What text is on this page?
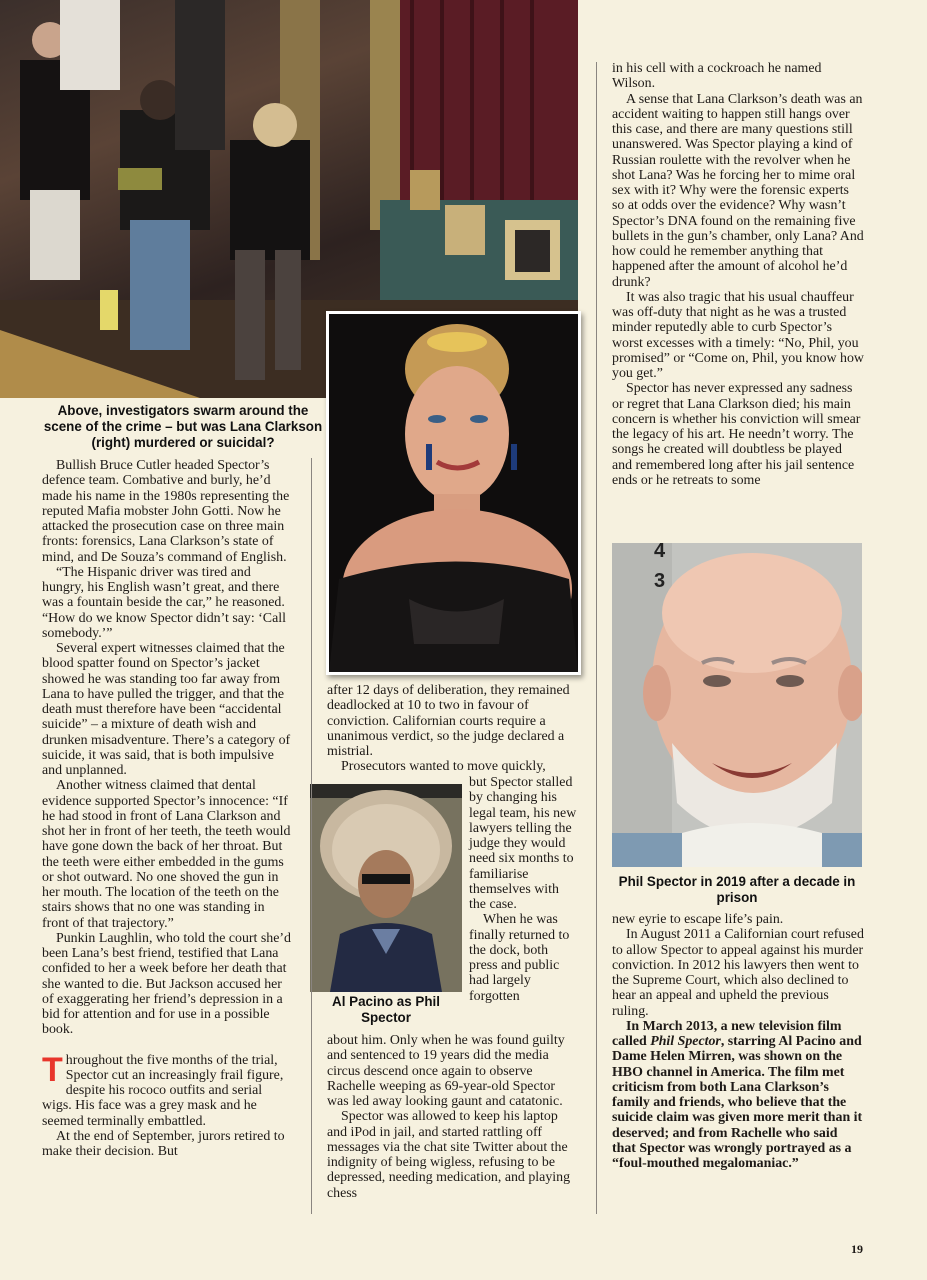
Above, investigators swarm around the scene of the crime – but was Lana Clarkson (right) murdered or suicidal?
Al Pacino as Phil Spector
4
3
Phil Spector in 2019 after a decade in prison

Bullish Bruce Cutler headed Spector’s defence team. Combative and burly, he’d made his name in the 1980s representing the reputed Mafia mobster John Gotti. Now he attacked the prosecution case on three main fronts: forensics, Lana Clarkson’s state of mind, and De Souza’s command of English.

“The Hispanic driver was tired and hungry, his English wasn’t great, and there was a fountain beside the car,” he reasoned. “How do we know Spector didn’t say: ‘Call somebody.’”

Several expert witnesses claimed that the blood spatter found on Spector’s jacket showed he was standing too far away from Lana to have pulled the trigger, and that the death must therefore have been “accidental suicide” – a mixture of death wish and drunken misadventure. There’s a category of suicide, it was said, that is both impulsive and unplanned.

Another witness claimed that dental evidence supported Spector’s innocence: “If he had stood in front of Lana Clarkson and shot her in front of her teeth, the teeth would have gone down the back of her throat. But the teeth were either embedded in the gums or shot outward. No one shoved the gun in her mouth. The location of the teeth on the stairs shows that no one was standing in front of that trajectory.”

Punkin Laughlin, who told the court she’d been Lana’s best friend, testified that Lana confided to her a week before her death that she wanted to die. But Jackson accused her of exaggerating her friend’s depression in a bid for attention and for use in a possible book.

Throughout the five months of the trial, Spector cut an increasingly frail figure, despite his rococo outfits and serial wigs. His face was a grey mask and he seemed terminally embattled.

At the end of September, jurors retired to make their decision. But

after 12 days of deliberation, they remained deadlocked at 10 to two in favour of conviction. Californian courts require a unanimous verdict, so the judge declared a mistrial.

Prosecutors wanted to move quickly,

but Spector stalled by changing his legal team, his new lawyers telling the judge they would need six months to familiarise themselves with the case.

When he was finally returned to the dock, both press and public had largely forgotten

about him. Only when he was found guilty and sentenced to 19 years did the media circus descend once again to observe Rachelle weeping as 69-year-old Spector was led away looking gaunt and catatonic.

Spector was allowed to keep his laptop and iPod in jail, and started rattling off messages via the chat site Twitter about the indignity of being wigless, refusing to be depressed, needing medication, and playing chess

in his cell with a cockroach he named Wilson.

A sense that Lana Clarkson’s death was an accident waiting to happen still hangs over this case, and there are many questions still unanswered. Was Spector playing a kind of Russian roulette with the revolver when he shot Lana? Was he forcing her to mime oral sex with it? Why were the forensic experts so at odds over the evidence? Why wasn’t Spector’s DNA found on the remaining five bullets in the gun’s chamber, only Lana? And how could he remember anything that happened after the amount of alcohol he’d drunk?

It was also tragic that his usual chauffeur was off-duty that night as he was a trusted minder reputedly able to curb Spector’s worst excesses with a timely: “No, Phil, you promised” or “Come on, Phil, you know how you get.”

Spector has never expressed any sadness or regret that Lana Clarkson died; his main concern is whether his conviction will smear the legacy of his art. He needn’t worry. The songs he created will doubtless be played and remembered long after his jail sentence ends or he retreats to some

new eyrie to escape life’s pain.

In August 2011 a Californian court refused to allow Spector to appeal against his murder conviction. In 2012 his lawyers then went to the Supreme Court, which also declined to hear an appeal and upheld the previous ruling.

In March 2013, a new television film called Phil Spector, starring Al Pacino and Dame Helen Mirren, was shown on the HBO channel in America. The film met criticism from both Lana Clarkson’s family and friends, who believe that the suicide claim was given more merit than it deserved; and from Rachelle who said that Spector was wrongly portrayed as a “foul-mouthed megalomaniac.”

19
